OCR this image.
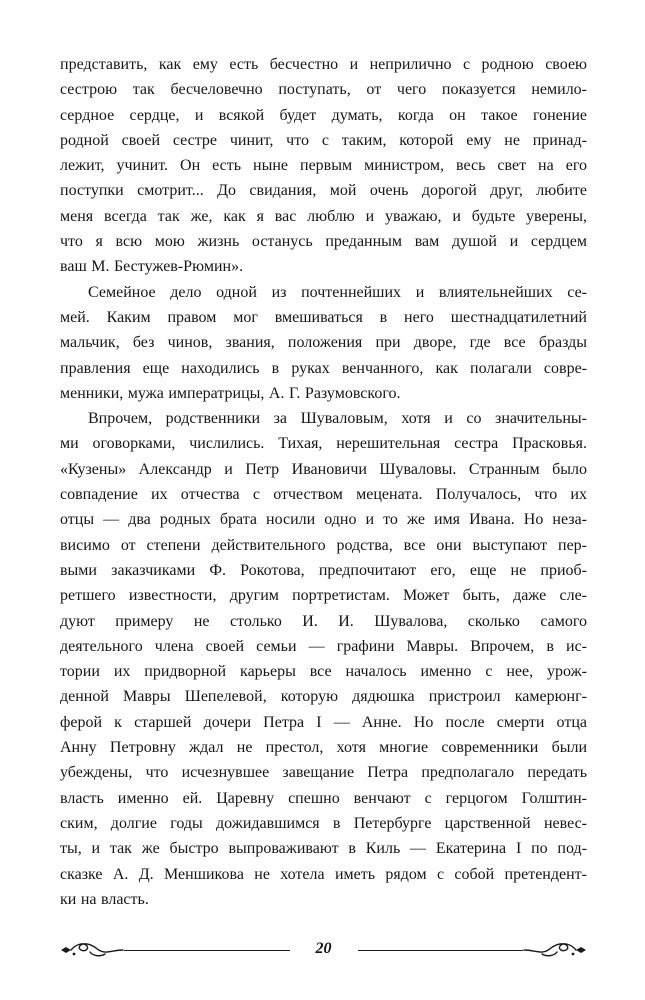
представить, как ему есть бесчестно и неприлично с родною своею
сестрою так бесчеловечно поступать, от чего показуется немило-
сердное сердце, и всякой будет думать, когда он такое гонение
родной своей сестре чинит, что с таким, которой ему не принад-
лежит, учинит. Он есть ныне первым министром, весь свет на его
поступки смотрит... До свидания, мой очень дорогой друг, любите
меня всегда так же, как я вас люблю и уважаю, и будьте уверены,
что я всю мою жизнь останусь преданным вам душой и сердцем
ваш М. Бестужев-Рюмин».
Семейное дело одной из почтеннейших и влиятельнейших се-
мей. Каким правом мог вмешиваться в него шестнадцатилетний
мальчик, без чинов, звания, положения при дворе, где все бразды
правления еще находились в руках венчанного, как полагали совре-
менники, мужа императрицы, А. Г. Разумовского.
Впрочем, родственники за Шуваловым, хотя и со значительны-
ми оговорками, числились. Тихая, нерешительная сестра Прасковья.
«Кузены» Александр и Петр Ивановичи Шуваловы. Странным было
совпадение их отчества с отчеством мецената. Получалось, что их
отцы — два родных брата носили одно и то же имя Ивана. Но неза-
висимо от степени действительного родства, все они выступают пер-
выми заказчиками Ф. Рокотова, предпочитают его, еще не приоб-
ретшего известности, другим портретистам. Может быть, даже сле-
дуют примеру не столько И. И. Шувалова, сколько самого
деятельного члена своей семьи — графини Мавры. Впрочем, в ис-
тории их придворной карьеры все началось именно с нее, урож-
денной Мавры Шепелевой, которую дядюшка пристроил камерюнг-
ферой к старшей дочери Петра I — Анне. Но после смерти отца
Анну Петровну ждал не престол, хотя многие современники были
убеждены, что исчезнувшее завещание Петра предполагало передать
власть именно ей. Царевну спешно венчают с герцогом Голштин-
ским, долгие годы дожидавшимся в Петербурге царственной невес-
ты, и так же быстро выпроваживают в Киль — Екатерина I по под-
сказке А. Д. Меншикова не хотела иметь рядом с собой претендент-
ки на власть.
20
